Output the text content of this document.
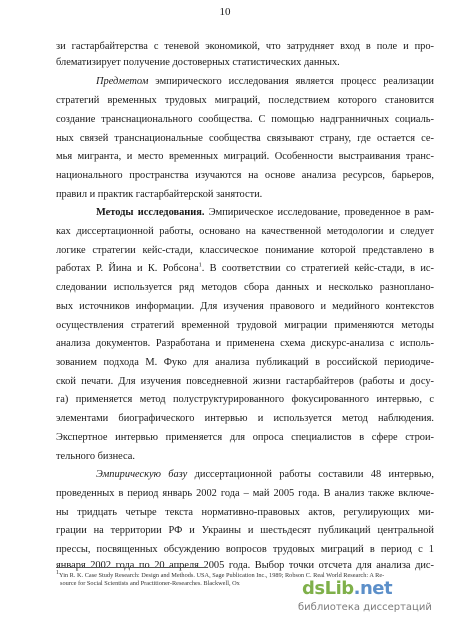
10
зи гастарбайтерства с теневой экономикой, что затрудняет вход в поле и про-
блематизирует получение достоверных статистических данных.
Предметом эмпирического исследования является процесс реализации
стратегий временных трудовых миграций, последствием которого становится
создание транснационального сообщества. С помощью надгранничных социаль-
ных связей транснациональные сообщества связывают страну, где остается се-
мья мигранта, и место временных миграций. Особенности выстраивания транс-
национального пространства изучаются на основе анализа ресурсов, барьеров,
правил и практик гастарбайтерской занятости.
Методы исследования. Эмпирическое исследование, проведенное в рам-
ках диссертационной работы, основано на качественной методологии и следует
логике стратегии кейс-стади, классическое понимание которой представлено в
работах Р. Йина и К. Робсона$^1$. В соответствии со стратегией кейс-стади, в ис-
следовании используется ряд методов сбора данных и несколько разноплано-
вых источников информации. Для изучения правового и медийного контекстов
осуществления стратегий временной трудовой миграции применяются методы
анализа документов. Разработана и применена схема дискурс-анализа с исполь-
зованием подхода М. Фуко для анализа публикаций в российской периодиче-
ской печати. Для изучения повседневной жизни гастарбайтеров (работы и досу-
га) применяется метод полуструктурированного фокусированного интервью, с
элементами биографического интервью и используется метод наблюдения.
Экспертное интервью применяется для опроса специалистов в сфере строи-
тельного бизнеса.
Эмпирическую базу диссертационной работы составили 48 интервью,
проведенных в период январь 2002 года – май 2005 года. В анализ также включе-
ны тридцать четыре текста нормативно-правовых актов, регулирующих ми-
грации на территории РФ и Украины и шестьдесят публикаций центральной
прессы, посвященных обсуждению вопросов трудовых миграций в период с 1
января 2002 года по 20 апреля 2005 года. Выбор точки отсчета для анализа дис-
1Yin R. K. Case Study Research: Design and Methods. USA, Sage Publication Inc., 1989; Robson C. Real World Research: A Re-
source for Social Scientists and Practitioner-Researches. Blackwell, Ox	dsLib.net
библиотека диссертаций
